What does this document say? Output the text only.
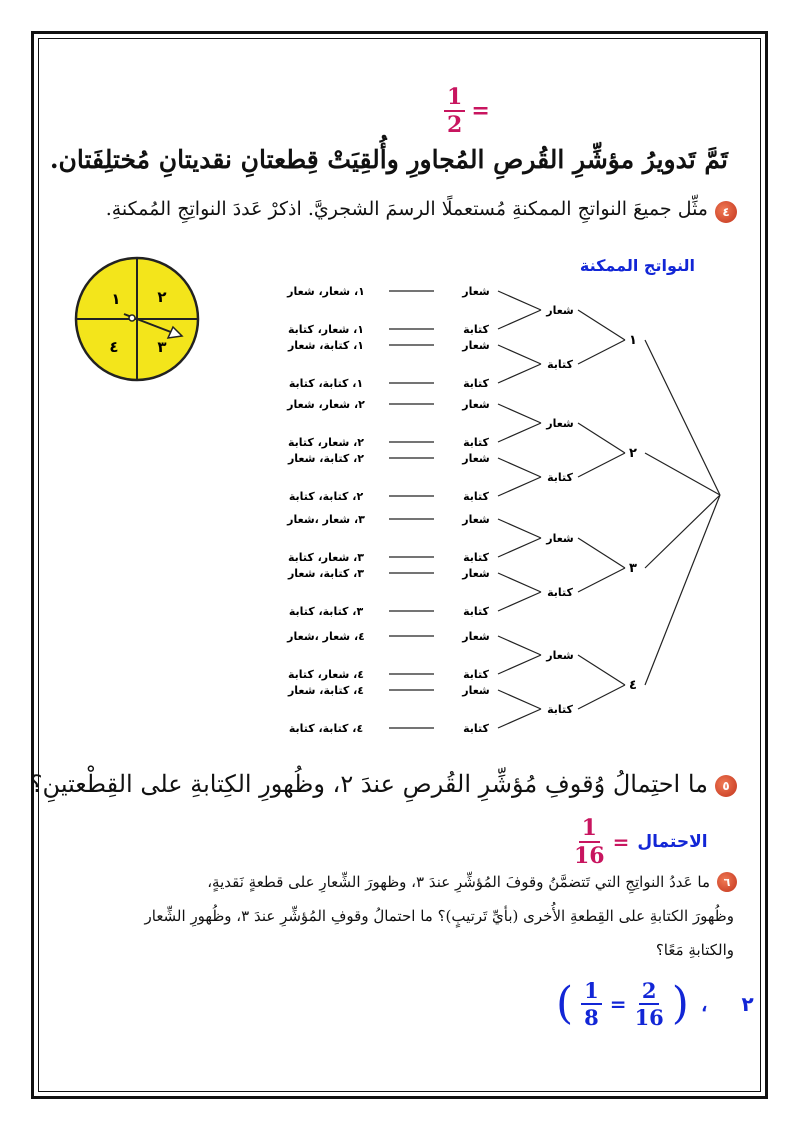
$\frac{1}{2}$ =
تَمَّ تَدويرُ مؤشِّرِ القُرصِ المُجاورِ وأُلقِيَتْ قِطعتانِ نقديتانِ مُختلِفَتان.
٤
مثِّل جميعَ النواتجِ الممكنةِ مُستعملًا الرسمَ الشجريَّ. اذكرْ عَددَ النواتِجِ المُمكنةِ.
النواتج الممكنة
١ ٢
٣
٤	١
شعار
شعار
١، شعار، شعار
كتابة
١، شعار، كتابة
كتابة
شعار
١، كتابة، شعار
كتابة
١، كتابة، كتابة
٢
شعار
شعار
٢، شعار، شعار
كتابة
٢، شعار، كتابة
كتابة
شعار
٢، كتابة، شعار
كتابة
٢، كتابة، كتابة
٣
شعار
شعار
٣، شعار ،شعار
كتابة
٣، شعار، كتابة
كتابة
شعار
٣، كتابة، شعار
كتابة
٣، كتابة، كتابة
٤
شعار
شعار
٤، شعار ،شعار
كتابة
٤، شعار، كتابة
كتابة
شعار
٤، كتابة، شعار
كتابة
٤، كتابة، كتابة
٥
ما احتِمالُ وُقوفِ مُؤشِّرِ القُرصِ عندَ ٢، وظُهورِ الكِتابةِ على القِطْعتينِ؟
$\frac{1}{16}$ = الاحتمال
٦
ما عَددُ النواتِجِ التي تَتضمَّنُ وقوفَ المُؤشِّرِ عندَ ٣، وظهورَ الشِّعارِ على قطعةٍ نَقديةٍ،
وظُهورَ الكتابةِ على القِطعةِ الأُخرى (بأيِّ تَرتيبٍ)؟ ما احتمالُ وقوفِ المُؤشِّرِ عندَ ٣، وظُهورِ الشِّعار
والكتابةِ مَعًا؟
( $\frac{1}{8} = \frac{2}{16}$ ) ، ٢
